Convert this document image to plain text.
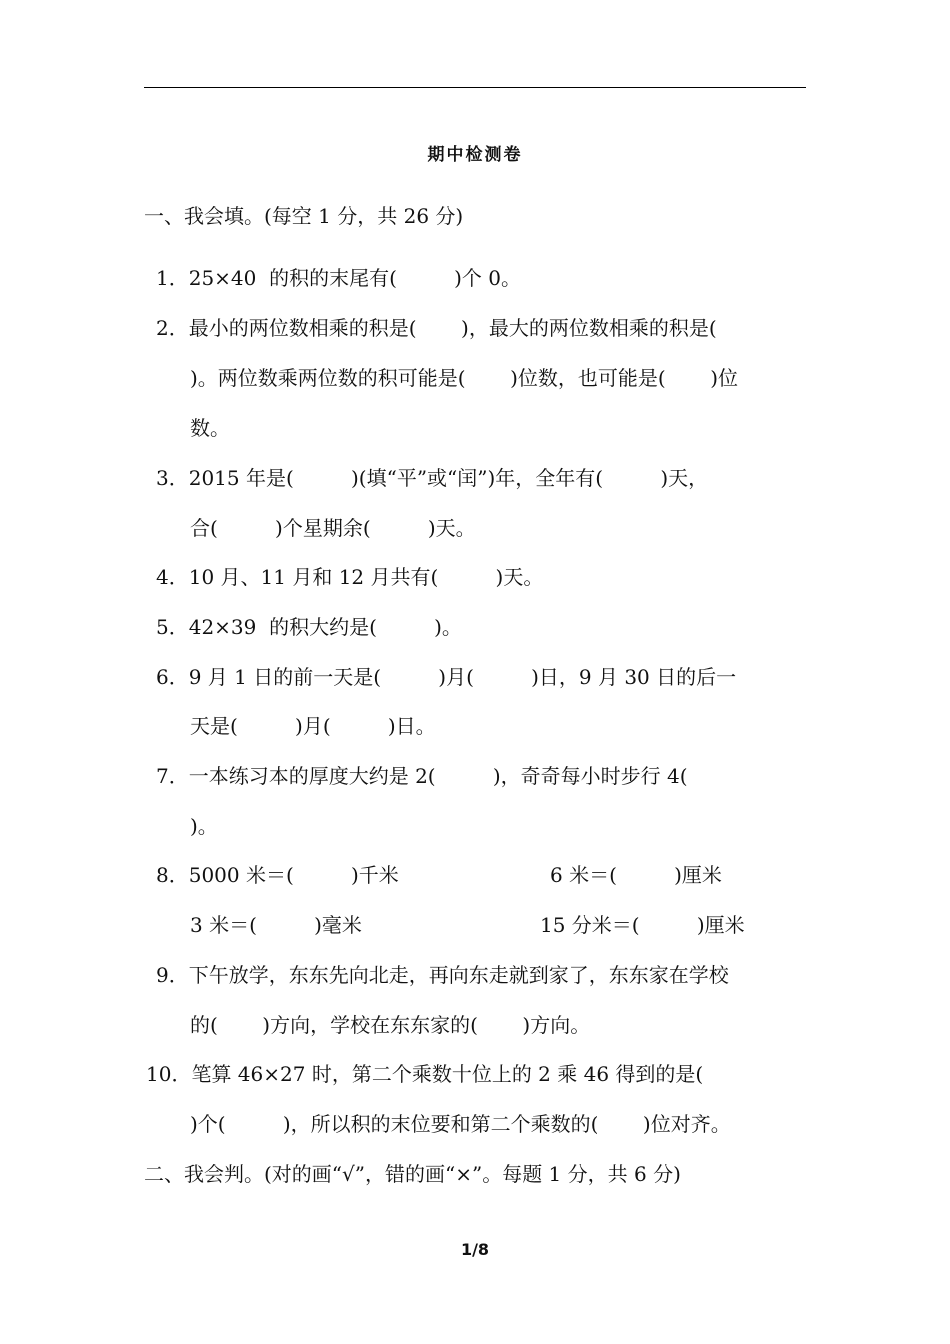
期中检测卷
一、我会填。(每空 1 分，共 26 分)
1．25×40  的积的末尾有(         )个 0。
2．最小的两位数相乘的积是(       )，最大的两位数相乘的积是(
)。两位数乘两位数的积可能是(       )位数，也可能是(       )位
数。
3．2015 年是(         )(填“平”或“闰”)年，全年有(         )天，
合(         )个星期余(         )天。
4．10 月、11 月和 12 月共有(         )天。
5．42×39  的积大约是(         )。
6．9 月 1 日的前一天是(         )月(         )日，9 月 30 日的后一
天是(         )月(         )日。
7．一本练习本的厚度大约是 2(         )，奇奇每小时步行 4(
)。
8．5000 米＝(         )千米	6 米＝(         )厘米
3 米＝(         )毫米	15 分米＝(         )厘米
9．下午放学，东东先向北走，再向东走就到家了，东东家在学校
的(       )方向，学校在东东家的(       )方向。
10．笔算 46×27 时，第二个乘数十位上的 2 乘 46 得到的是(
)个(         )，所以积的末位要和第二个乘数的(       )位对齐。
二、我会判。(对的画“√”，错的画“×”。每题 1 分，共 6 分)
1/8
